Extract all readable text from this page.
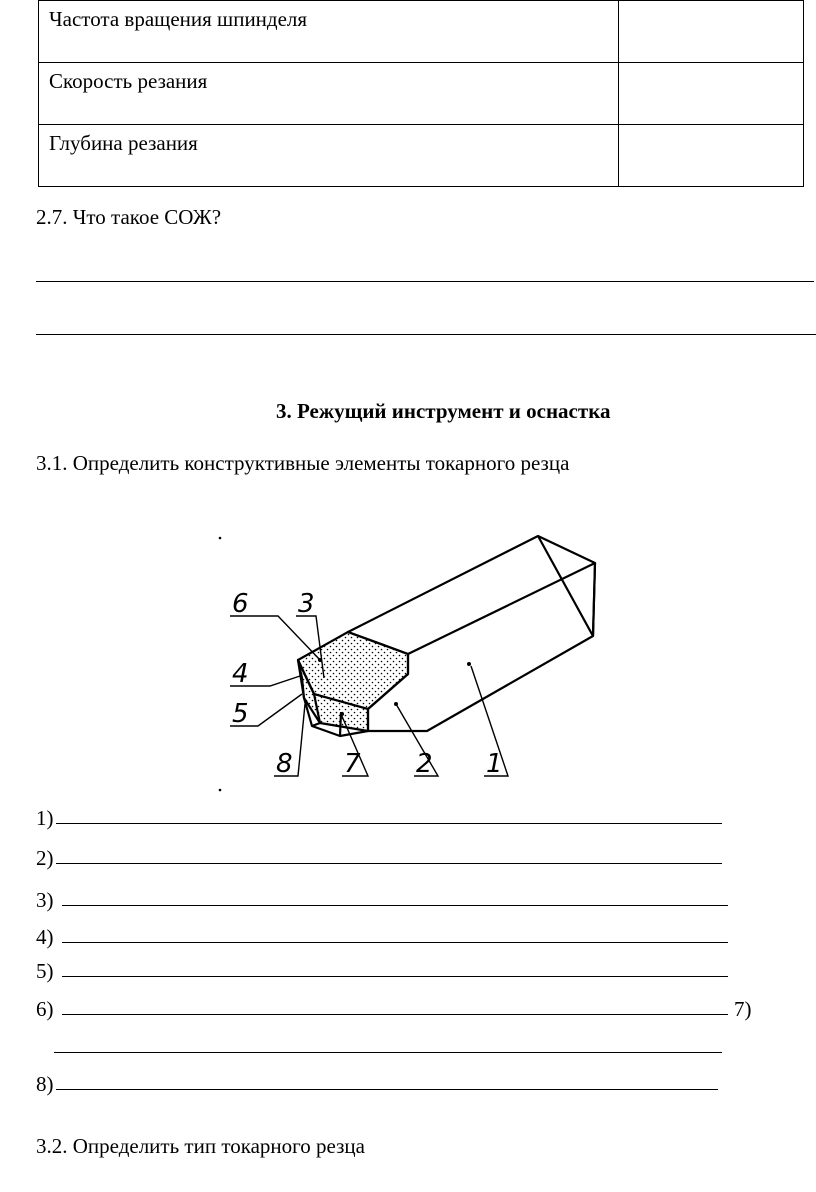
Частота вращения шпинделя	
Скорость резания	
Глубина резания	
2.7. Что такое СОЖ?
3. Режущий инструмент и оснастка
3.1. Определить конструктивные элементы токарного резца
6 3
4
5
8 7 2 1
1)
2)
3)
4)
5)
6)	7)
8)
3.2. Определить тип токарного резца
